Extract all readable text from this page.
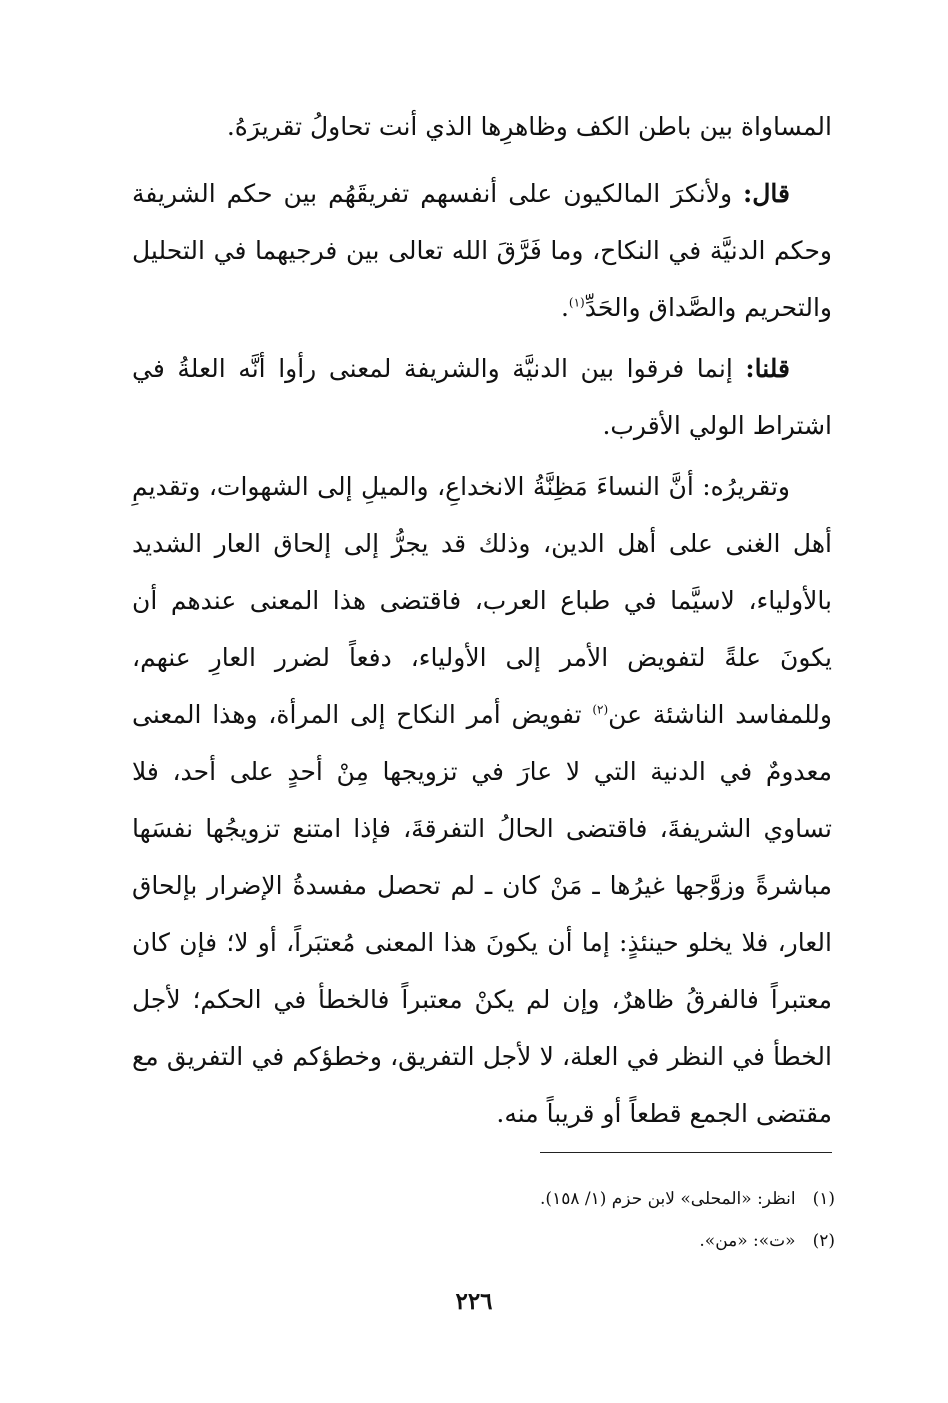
المساواة بين باطن الكف وظاهرِها الذي أنت تحاولُ تقريرَهُ.

قال: ولأنكرَ المالكيون على أنفسهم تفريقَهُم بين حكم الشريفة وحكم الدنيَّة في النكاح، وما فَرَّقَ الله تعالى بين فرجيهما في التحليل والتحريم والصَّداق والحَدِّ$^{(١)}$.

قلنا: إنما فرقوا بين الدنيَّة والشريفة لمعنى رأوا أنَّه العلةُ في اشتراط الولي الأقرب.

وتقريرُه: أنَّ النساءَ مَظِنَّةُ الانخداعِ، والميلِ إلى الشهوات، وتقديمِ أهل الغنى على أهل الدين، وذلك قد يجرُّ إلى إلحاق العار الشديد بالأولياء، لاسيَّما في طباع العرب، فاقتضى هذا المعنى عندهم أن يكونَ علةً لتفويض الأمر إلى الأولياء، دفعاً لضرر العارِ عنهم، وللمفاسد الناشئة عن$^{(٢)}$ تفويض أمر النكاح إلى المرأة، وهذا المعنى معدومٌ في الدنية التي لا عارَ في تزويجها مِنْ أحدٍ على أحد، فلا تساوي الشريفةَ، فاقتضى الحالُ التفرقةَ، فإذا امتنع تزويجُها نفسَها مباشرةً وزوَّجها غيرُها ـ مَنْ كان ـ لم تحصل مفسدةُ الإضرار بإلحاق العار، فلا يخلو حينئذٍ: إما أن يكونَ هذا المعنى مُعتبَراً، أو لا؛ فإن كان معتبراً فالفرقُ ظاهرٌ، وإن لم يكنْ معتبراً فالخطأ في الحكم؛ لأجل الخطأ في النظر في العلة، لا لأجل التفريق، وخطؤكم في التفريق مع مقتضى الجمع قطعاً أو قريباً منه.

(١) انظر: «المحلى» لابن حزم (١/ ١٥٨).
(٢) «ت»: «من».
٢٢٦
